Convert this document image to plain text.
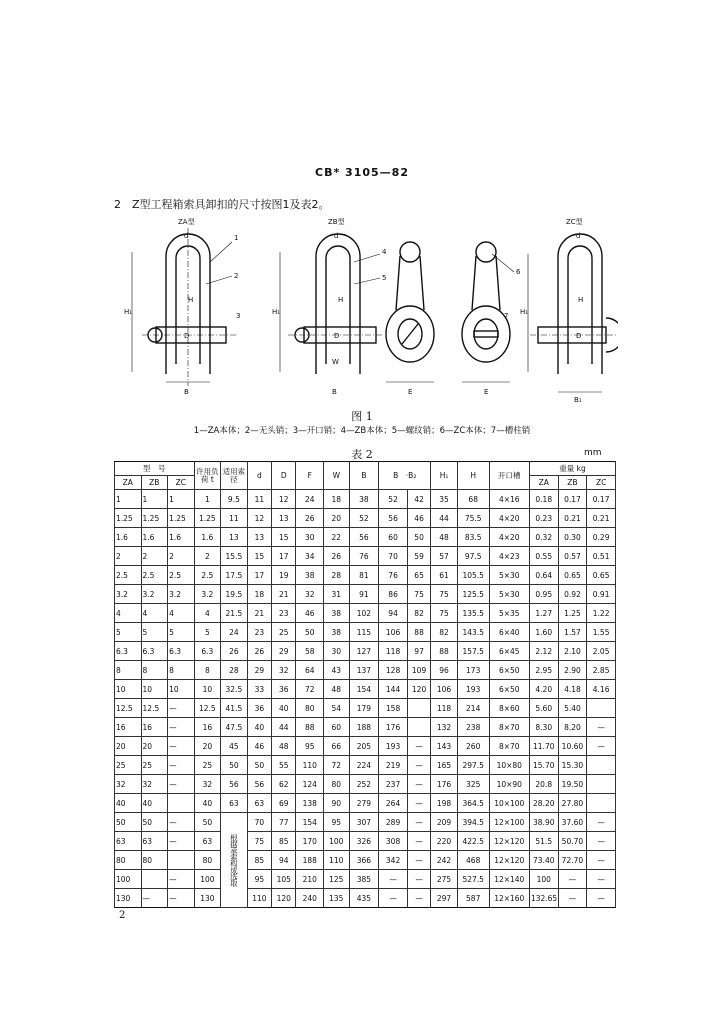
CB* 3105—82
2　Z型工程箱索具卸扣的尺寸按图1及表2。
ZA型	ZB型	ZC型
H₁
H
D
d
B
1
2
3	H₁
H
D
d
W
B
4
5
E	E
6
7 H₁
H
D
d
B₁
图 1
1—ZA本体；2—无头销；3—开口销；4—ZB本体；5—螺纹销；6—ZC本体；7—槽柱销
表 2	mm
型　号			许用负荷 t	适用索径	d	D	F	W	B	B　·B₂		H₁	H	开口槽	重量 kg		
ZA	ZB	ZC													ZA	ZB	ZC
1	1	1	1	9.5	11	12	24	18	38	52	42	35	68	4×16	0.18	0.17	0.17
1.25	1.25	1.25	1.25	11	12	13	26	20	52	56	46	44	75.5	4×20	0.23	0.21	0.21
1.6	1.6	1.6	1.6	13	13	15	30	22	56	60	50	48	83.5	4×20	0.32	0.30	0.29
2	2	2	2	15.5	15	17	34	26	76	70	59	57	97.5	4×23	0.55	0.57	0.51
2.5	2.5	2.5	2.5	17.5	17	19	38	28	81	76	65	61	105.5	5×30	0.64	0.65	0.65
3.2	3.2	3.2	3.2	19.5	18	21	32	31	91	86	75	75	125.5	5×30	0.95	0.92	0.91
4	4	4	4	21.5	21	23	46	38	102	94	82	75	135.5	5×35	1.27	1.25	1.22
5	5	5	5	24	23	25	50	38	115	106	88	82	143.5	6×40	1.60	1.57	1.55
6.3	6.3	6.3	6.3	26	26	29	58	30	127	118	97	88	157.5	6×45	2.12	2.10	2.05
8	8	8	8	28	29	32	64	43	137	128	109	96	173	6×50	2.95	2.90	2.85
10	10	10	10	32.5	33	36	72	48	154	144	120	106	193	6×50	4.20	4.18	4.16
12.5	12.5	—	12.5	41.5	36	40	80	54	179	158		118	214	8×60	5.60	5.40	
16	16	—	16	47.5	40	44	88	60	188	176		132	238	8×70	8.30	8.20	—
20	20	—	20	45	46	48	95	66	205	193	—	143	260	8×70	11.70	10.60	—
25	25	—	25	50	50	55	110	72	224	219	—	165	297.5	10×80	15.70	15.30	
32	32	—	32	56	56	62	124	80	252	237	—	176	325	10×90	20.8	19.50	
40	40		40	63	63	69	138	90	279	264	—	198	364.5	10×100	28.20	27.80	
50	50	—	50	根据承索构成选取	70	77	154	95	307	289	—	209	394.5	12×100	38.90	37.60	—
63	63	—	63		75	85	170	100	326	308	—	220	422.5	12×120	51.5	50.70	—
80	80		80		85	94	188	110	366	342	—	242	468	12×120	73.40	72.70	—
100		—	100		95	105	210	125	385	—	—	275	527.5	12×140	100	—	—
130	—	—	130		110	120	240	135	435	—	—	297	587	12×160	132.65	—	—
2
